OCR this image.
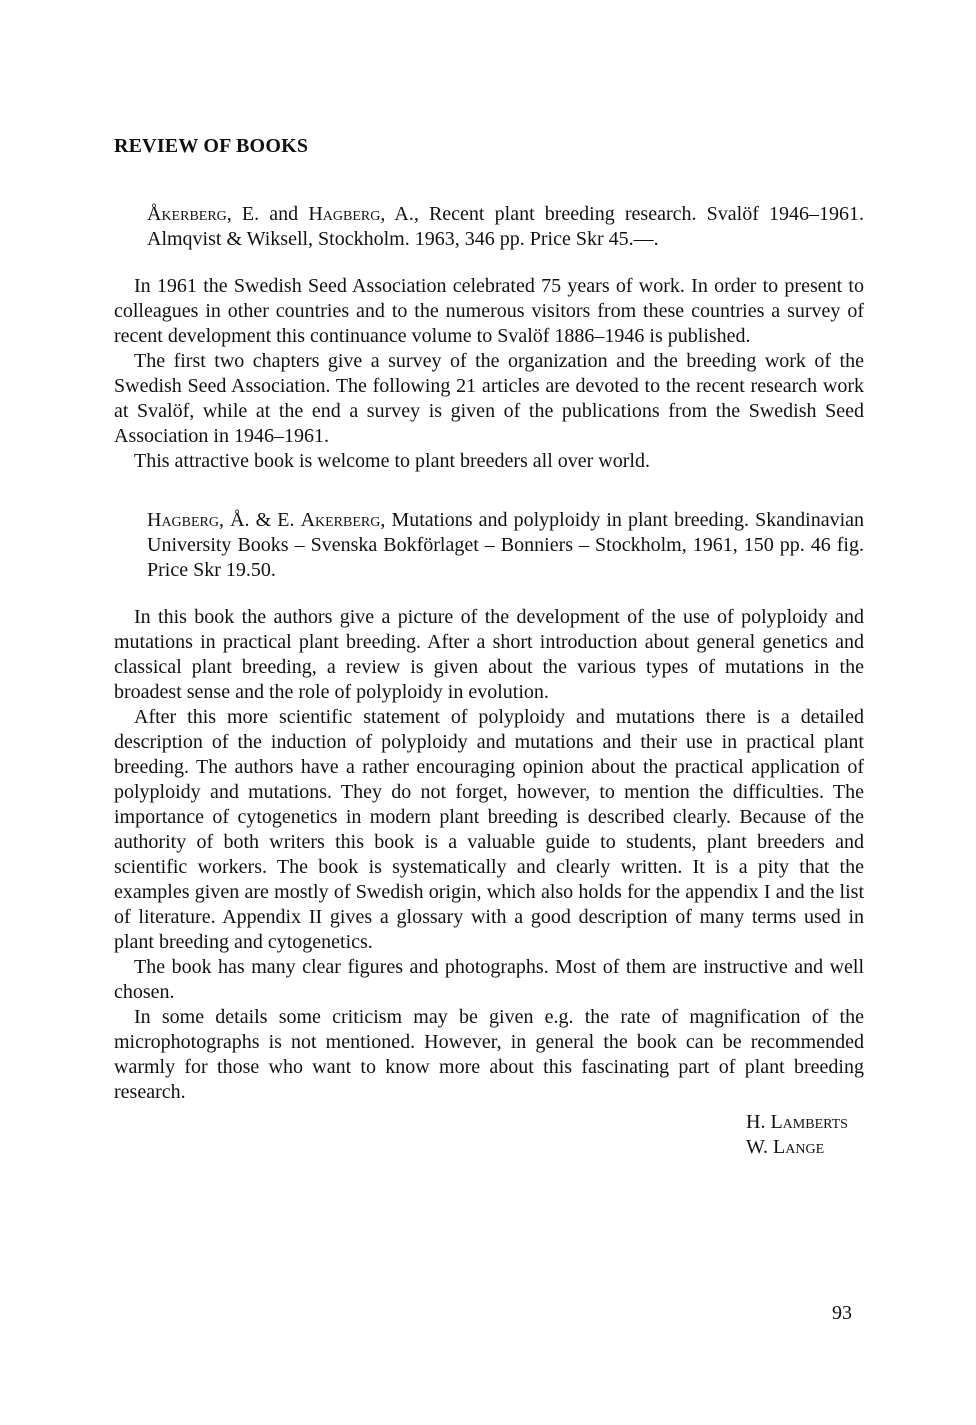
REVIEW OF BOOKS
Åkerberg, E. and Hagberg, A., Recent plant breeding research. Svalöf 1946–1961. Almqvist & Wiksell, Stockholm. 1963, 346 pp. Price Skr 45.—.

In 1961 the Swedish Seed Association celebrated 75 years of work. In order to present to colleagues in other countries and to the numerous visitors from these countries a survey of recent development this continuance volume to Svalöf 1886–1946 is published.

The first two chapters give a survey of the organization and the breeding work of the Swedish Seed Association. The following 21 articles are devoted to the recent research work at Svalöf, while at the end a survey is given of the publications from the Swedish Seed Association in 1946–1961.

This attractive book is welcome to plant breeders all over world.

Hagberg, Å. & E. Akerberg, Mutations and polyploidy in plant breeding. Skandinavian University Books – Svenska Bokförlaget – Bonniers – Stockholm, 1961, 150 pp. 46 fig. Price Skr 19.50.

In this book the authors give a picture of the development of the use of polyploidy and mutations in practical plant breeding. After a short introduction about general genetics and classical plant breeding, a review is given about the various types of mutations in the broadest sense and the role of polyploidy in evolution.

After this more scientific statement of polyploidy and mutations there is a detailed description of the induction of polyploidy and mutations and their use in practical plant breeding. The authors have a rather encouraging opinion about the practical application of polyploidy and mutations. They do not forget, however, to mention the difficulties. The importance of cytogenetics in modern plant breeding is described clearly. Because of the authority of both writers this book is a valuable guide to students, plant breeders and scientific workers. The book is systematically and clearly written. It is a pity that the examples given are mostly of Swedish origin, which also holds for the appendix I and the list of literature. Appendix II gives a glossary with a good description of many terms used in plant breeding and cytogenetics.

The book has many clear figures and photographs. Most of them are instructive and well chosen.

In some details some criticism may be given e.g. the rate of magnification of the microphotographs is not mentioned. However, in general the book can be recommended warmly for those who want to know more about this fascinating part of plant breeding research.

H. Lamberts
W. Lange
93
